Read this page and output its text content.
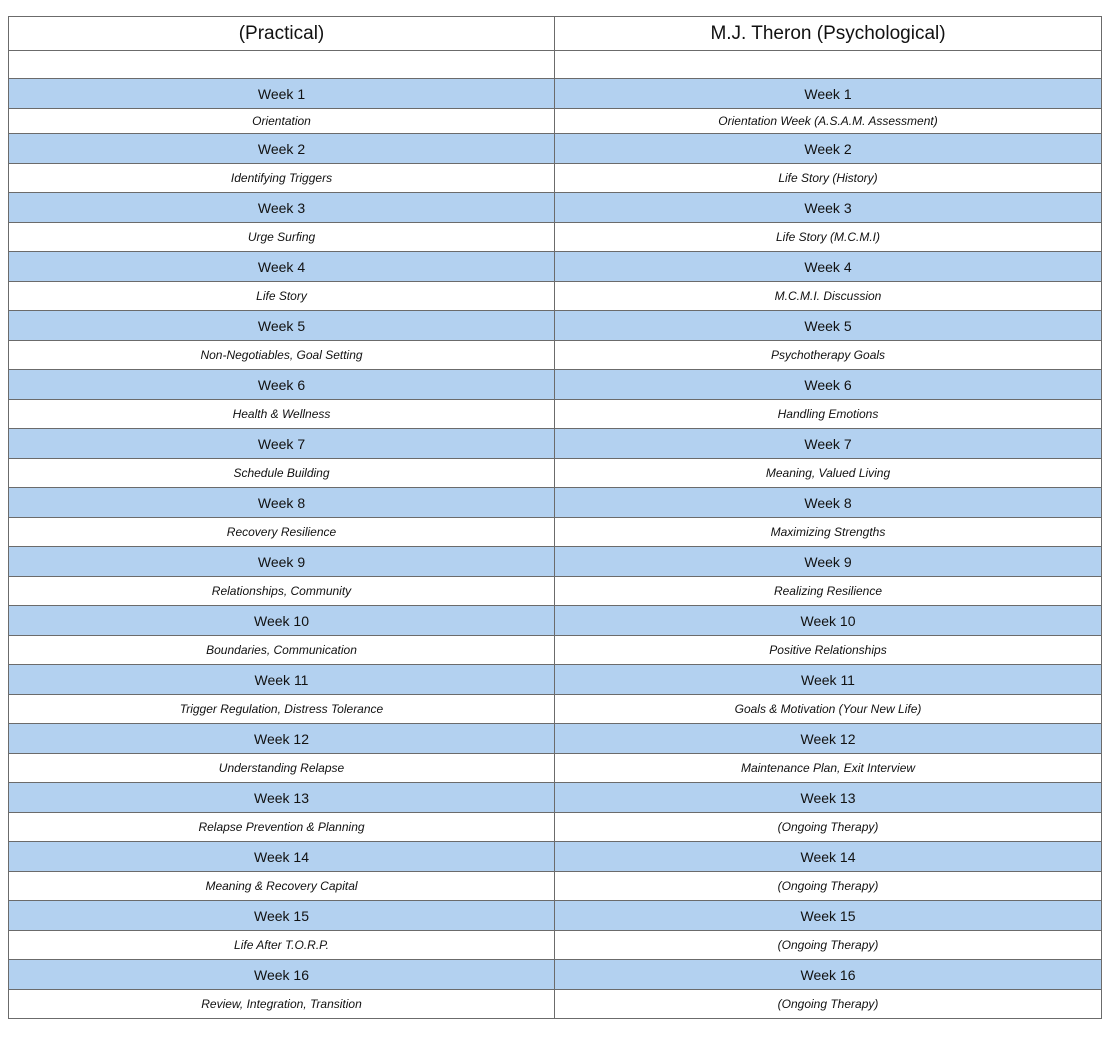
(Practical)	M.J. Theron (Psychological)

Week 1	Week 1
Orientation	Orientation Week (A.S.A.M. Assessment)
Week 2	Week 2
Identifying Triggers	Life Story (History)
Week 3	Week 3
Urge Surfing	Life Story (M.C.M.I)
Week 4	Week 4
Life Story	M.C.M.I. Discussion
Week 5	Week 5
Non-Negotiables, Goal Setting	Psychotherapy Goals
Week 6	Week 6
Health & Wellness	Handling Emotions
Week 7	Week 7
Schedule Building	Meaning, Valued Living
Week 8	Week 8
Recovery Resilience	Maximizing Strengths
Week 9	Week 9
Relationships, Community	Realizing Resilience
Week 10	Week 10
Boundaries, Communication	Positive Relationships
Week 11	Week 11
Trigger Regulation, Distress Tolerance	Goals & Motivation (Your New Life)
Week 12	Week 12
Understanding Relapse	Maintenance Plan, Exit Interview
Week 13	Week 13
Relapse Prevention & Planning	(Ongoing Therapy)
Week 14	Week 14
Meaning & Recovery Capital	(Ongoing Therapy)
Week 15	Week 15
Life After T.O.R.P.	(Ongoing Therapy)
Week 16	Week 16
Review, Integration, Transition	(Ongoing Therapy)
